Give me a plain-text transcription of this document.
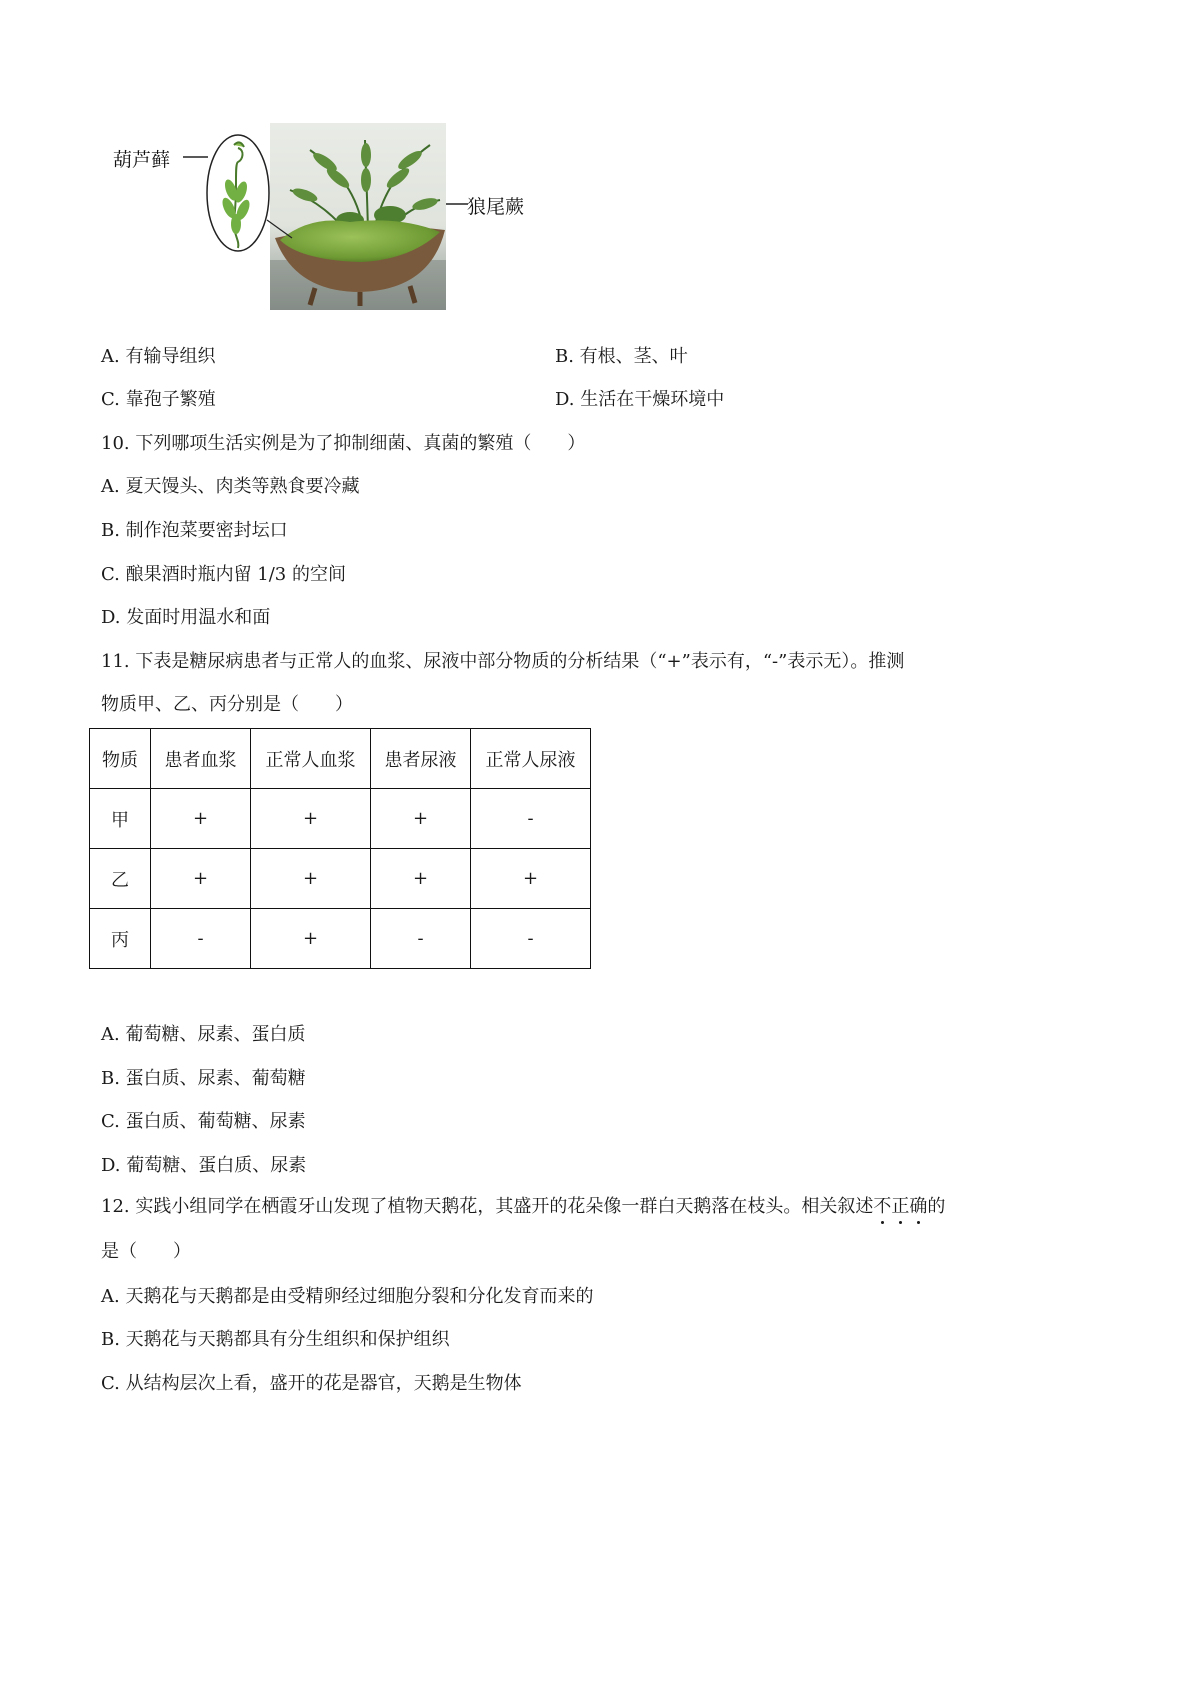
葫芦藓
狼尾蕨
A. 有输导组织	B. 有根、茎、叶
C. 靠孢子繁殖	D. 生活在干燥环境中
10. 下列哪项生活实例是为了抑制细菌、真菌的繁殖（　　）
A. 夏天馒头、肉类等熟食要冷藏
B. 制作泡菜要密封坛口
C. 酿果酒时瓶内留 1/3 的空间
D. 发面时用温水和面
11. 下表是糖尿病患者与正常人的血浆、尿液中部分物质的分析结果（“+”表示有，“-”表示无）。推测
物质甲、乙、丙分别是（　　）
物质	患者血浆	正常人血浆	患者尿液	正常人尿液
甲	+	+	+	-
乙	+	+	+	+
丙	-	+	-	-
A. 葡萄糖、尿素、蛋白质
B. 蛋白质、尿素、葡萄糖
C. 蛋白质、葡萄糖、尿素
D. 葡萄糖、蛋白质、尿素
12. 实践小组同学在栖霞牙山发现了植物天鹅花，其盛开的花朵像一群白天鹅落在枝头。相关叙述不正确的
是（　　）
A. 天鹅花与天鹅都是由受精卵经过细胞分裂和分化发育而来的
B. 天鹅花与天鹅都具有分生组织和保护组织
C. 从结构层次上看，盛开的花是器官，天鹅是生物体
